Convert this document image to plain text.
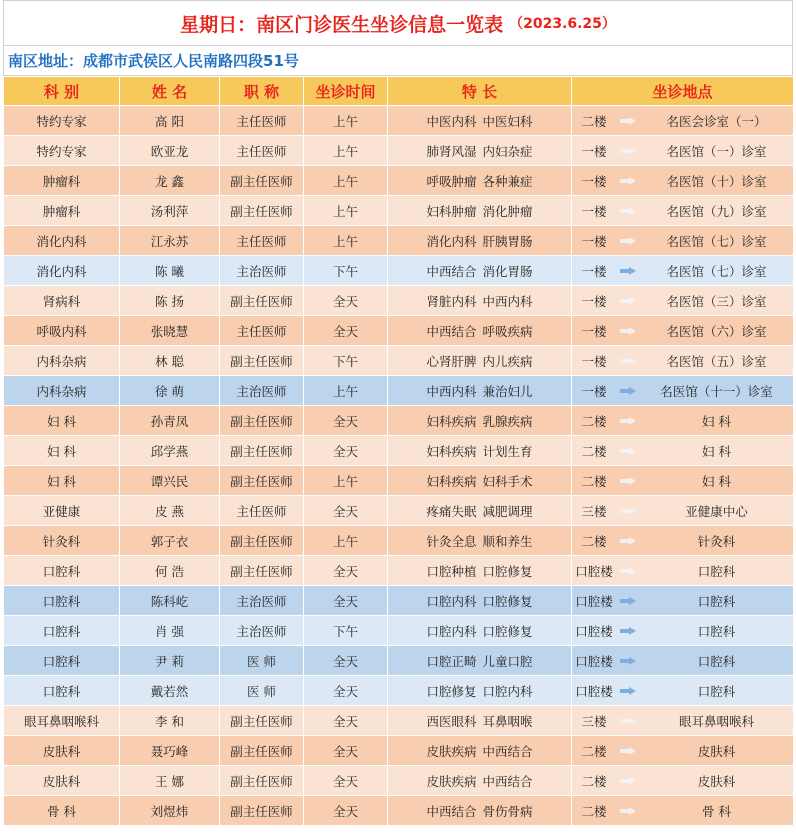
星期日：南区门诊医生坐诊信息一览表 （2023.6.25）
南区地址：成都市武侯区人民南路四段51号
科 别	姓 名	职 称	坐诊时间	特 长	坐诊地点
特约专家	高 阳	主任医师	上午	中医内科 中医妇科	二楼 名医会诊室（一）

特约专家	欧亚龙	主任医师	上午	肺肾风湿 内妇杂症	一楼 名医馆（一）诊室

肿瘤科	龙 鑫	副主任医师	上午	呼吸肿瘤 各种兼症	一楼 名医馆（十）诊室

肿瘤科	汤利萍	副主任医师	上午	妇科肿瘤 消化肿瘤	一楼 名医馆（九）诊室

消化内科	江永苏	主任医师	上午	消化内科 肝胰胃肠	一楼 名医馆（七）诊室

消化内科	陈 曦	主治医师	下午	中西结合 消化胃肠	一楼 名医馆（七）诊室

肾病科	陈 扬	副主任医师	全天	肾脏内科 中西内科	一楼 名医馆（三）诊室

呼吸内科	张晓慧	主任医师	全天	中西结合 呼吸疾病	一楼 名医馆（六）诊室

内科杂病	林 聪	副主任医师	下午	心肾肝脾 内儿疾病	一楼 名医馆（五）诊室

内科杂病	徐 萌	主治医师	上午	中西内科 兼治妇儿	一楼 名医馆（十一）诊室

妇 科	孙青凤	副主任医师	全天	妇科疾病 乳腺疾病	二楼 妇 科

妇 科	邱学燕	副主任医师	全天	妇科疾病 计划生育	二楼 妇 科

妇 科	谭兴民	副主任医师	上午	妇科疾病 妇科手术	二楼 妇 科

亚健康	皮 燕	主任医师	全天	疼痛失眠 减肥调理	三楼 亚健康中心

针灸科	郭子衣	副主任医师	上午	针灸全息 顺和养生	二楼 针灸科

口腔科	何 浩	副主任医师	全天	口腔种植 口腔修复	口腔楼 口腔科

口腔科	陈科屹	主治医师	全天	口腔内科 口腔修复	口腔楼 口腔科

口腔科	肖 强	主治医师	下午	口腔内科 口腔修复	口腔楼 口腔科

口腔科	尹 莉	医 师	全天	口腔正畸 儿童口腔	口腔楼 口腔科

口腔科	戴若然	医 师	全天	口腔修复 口腔内科	口腔楼 口腔科

眼耳鼻咽喉科	李 和	副主任医师	全天	西医眼科 耳鼻咽喉	三楼 眼耳鼻咽喉科

皮肤科	聂巧峰	副主任医师	全天	皮肤疾病 中西结合	二楼 皮肤科

皮肤科	王 娜	副主任医师	全天	皮肤疾病 中西结合	二楼 皮肤科

骨 科	刘煜炜	副主任医师	全天	中西结合 骨伤骨病	二楼 骨 科
